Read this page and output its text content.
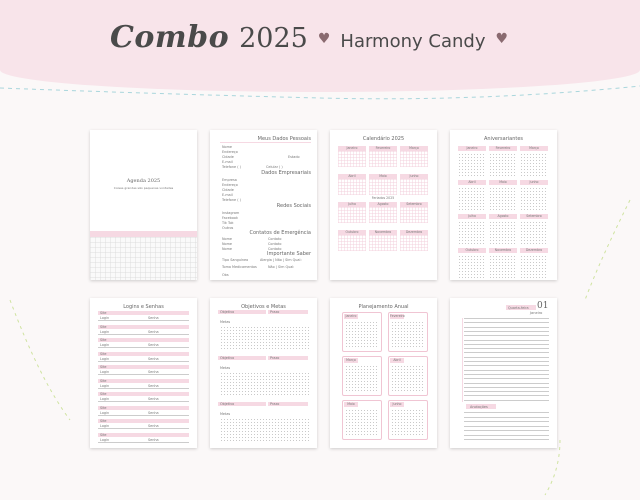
Combo 2025 ♥ Harmony Candy ♥
Agenda 2025
Coisas grandes são pequenas vontades
Meus Dados Pessoais
Nome
Endereço
Cidade	Estado
E-mail
Telefone ( )	Celular ( )
Dados Empresariais
Empresa
Endereço
Cidade
E-mail
Telefone ( )
Redes Sociais
Instagram
Facebook
Tik Tok
Outros
Contatos de Emergência
Nome	Contato
Nome	Contato
Nome	Contato
Importante Saber
Tipo Sanguíneo	Alergia | Não | Sim Qual:
Toma Medicamentos	Não | Sim Qual:
Obs
Calendário 2025
Janeiro	Fevereiro	Março
Abril	Maio	Junho
Julho	Agosto	Setembro
Outubro	Novembro	Dezembro
Feriados 2025
Aniversariantes
Janeiro	Fevereiro	Março
Abril	Maio	Junho
Julho	Agosto	Setembro
Outubro	Novembro	Dezembro
Logins e Senhas
Site
Login	Senha
Site
Login	Senha
Site
Login	Senha
Site
Login	Senha
Site
Login	Senha
Site
Login	Senha
Site
Login	Senha
Site
Login	Senha
Site
Login	Senha
Site
Login	Senha
Objetivos e Metas
Objetivo	Prazo
Metas
Objetivo	Prazo
Metas
Objetivo	Prazo
Metas
Planejamento Anual
Janeiro	Fevereiro
Março	Abril
Maio	Junho
Quarta-feira 01
Janeiro
Anotações
